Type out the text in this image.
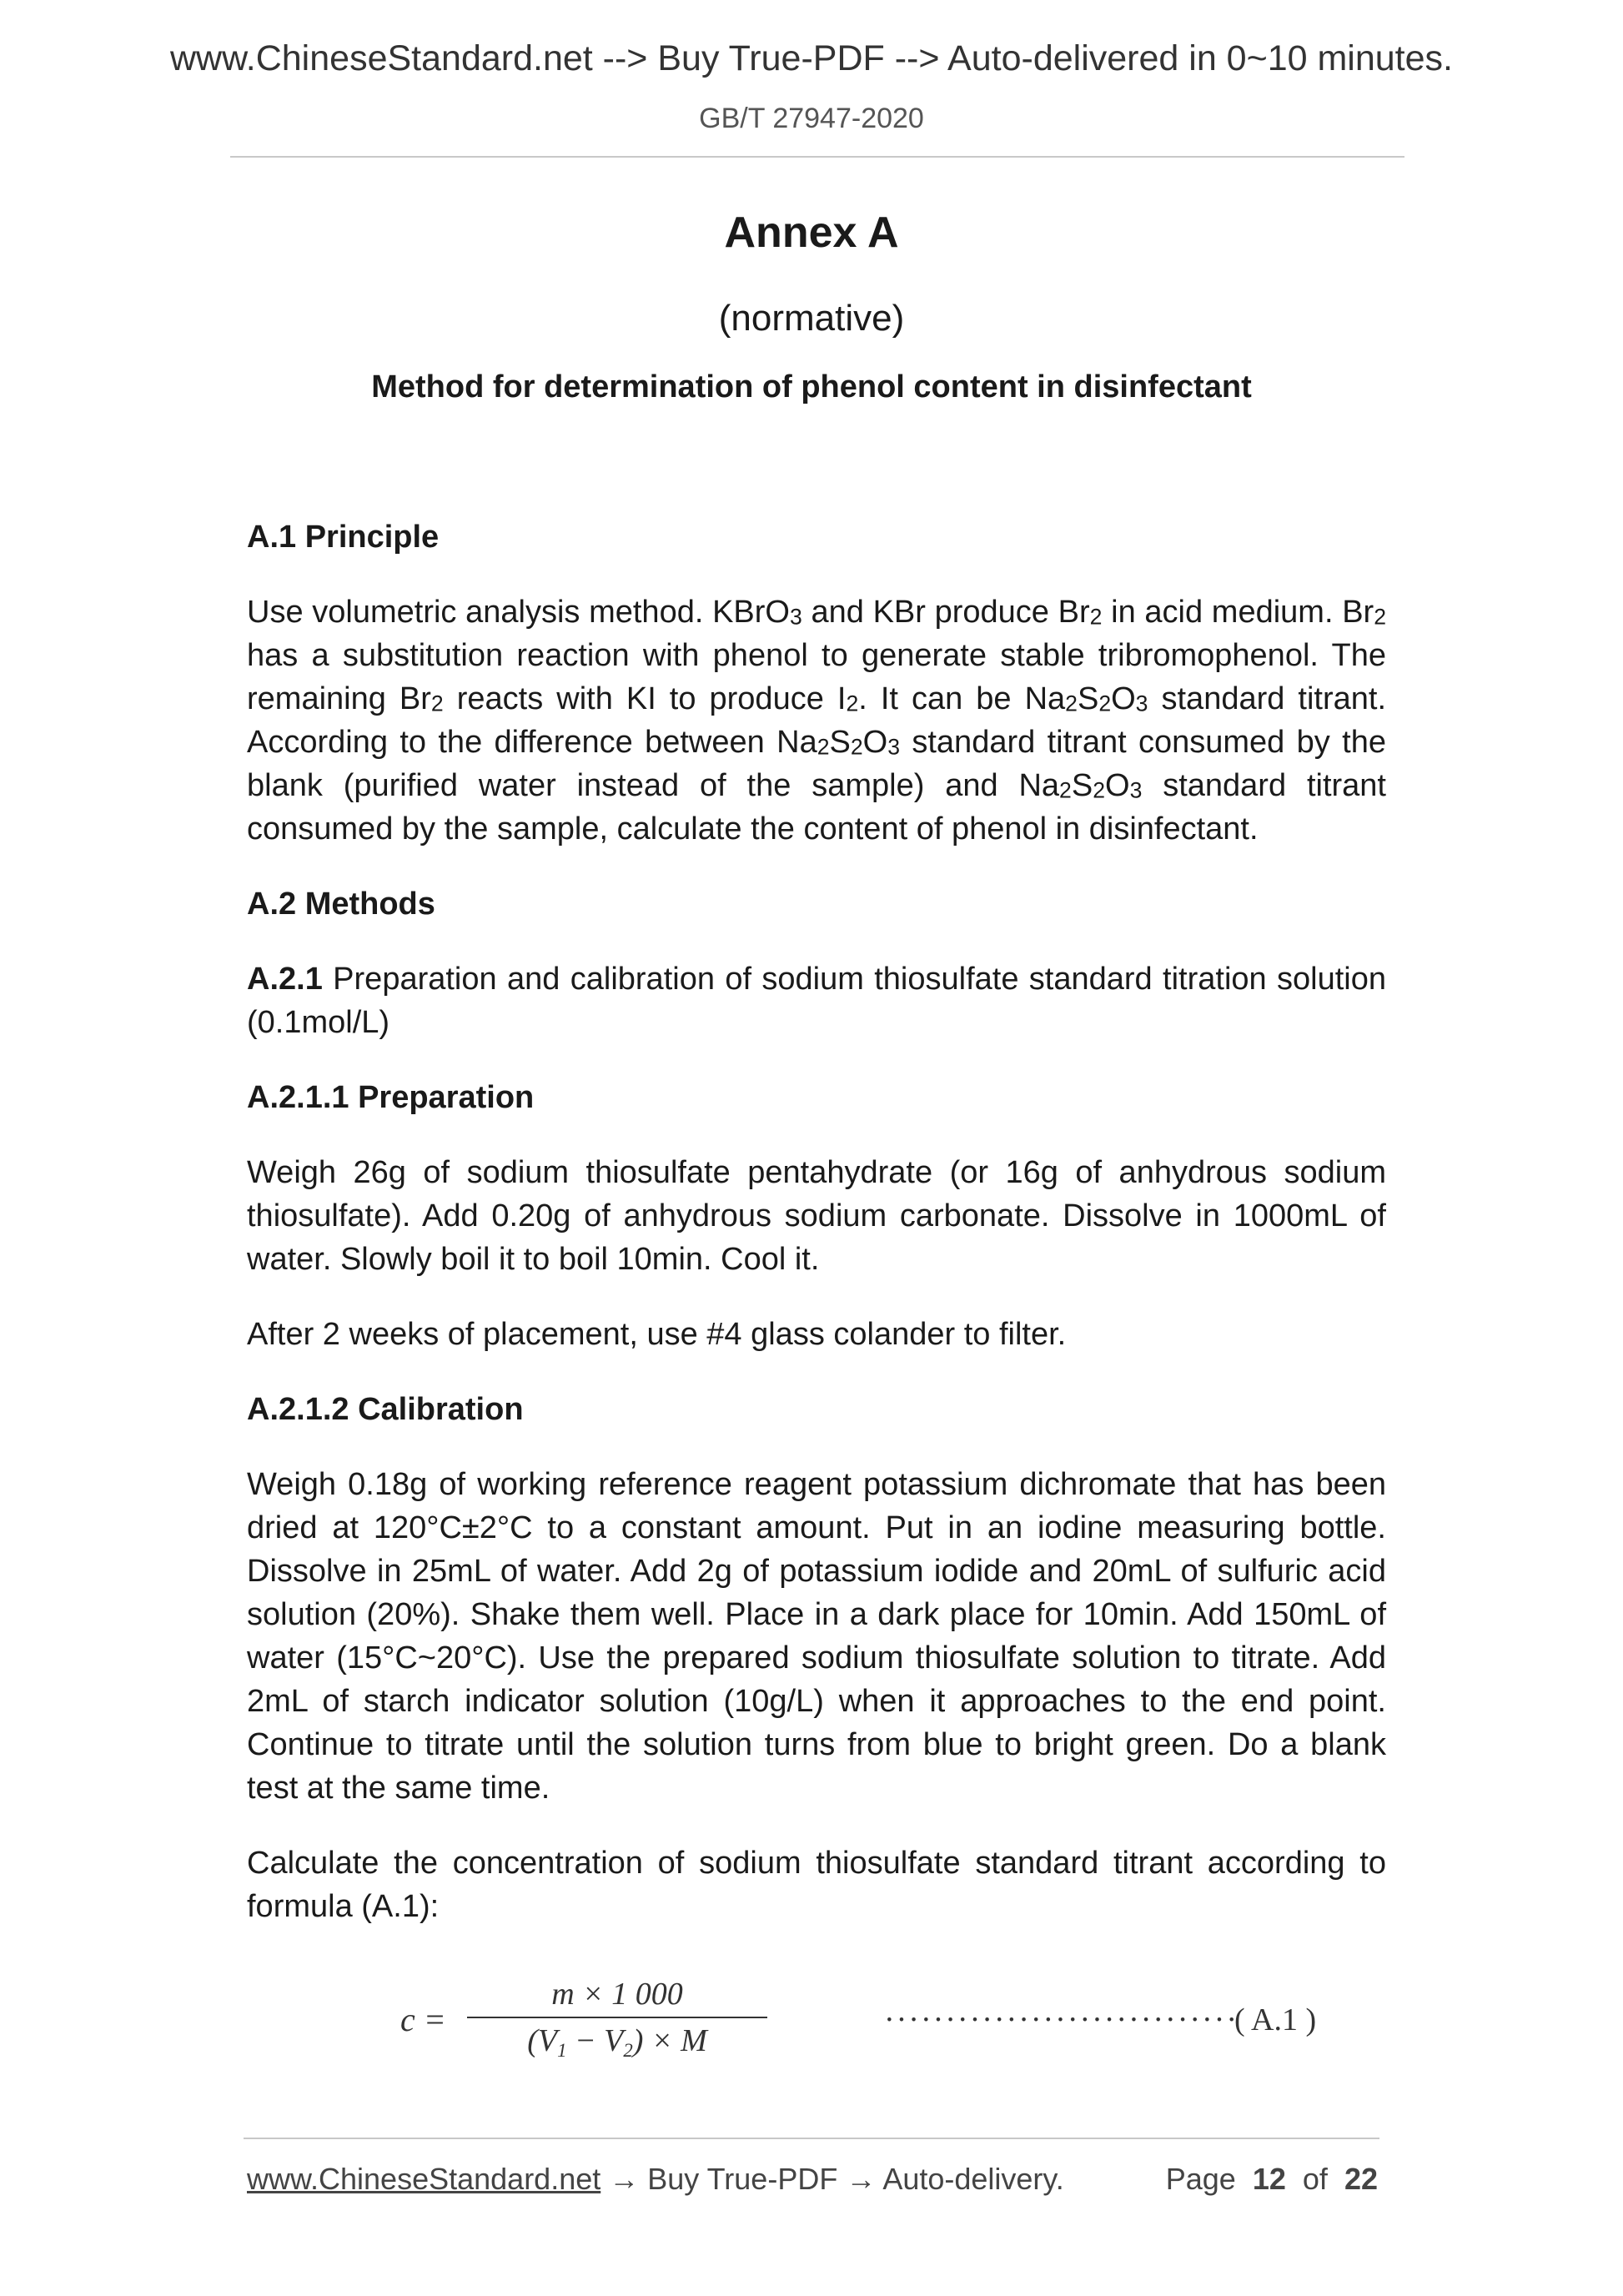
www.ChineseStandard.net --> Buy True-PDF --> Auto-delivered in 0~10 minutes.
GB/T 27947-2020
Annex A
(normative)
Method for determination of phenol content in disinfectant

A.1 Principle

Use volumetric analysis method. KBrO$_3$ and KBr produce $Br_2$ in acid medium. $Br_2$ has a substitution reaction with phenol to generate stable tribromophenol. The remaining $Br_2$ reacts with KI to produce $I_2$. It can be $Na_2S_2O_3$ standard titrant. According to the difference between $Na_2S_2O_3$ standard titrant consumed by the blank (purified water instead of the sample) and $Na_2S_2O_3$ standard titrant consumed by the sample, calculate the content of phenol in disinfectant.

A.2 Methods

A.2.1 Preparation and calibration of sodium thiosulfate standard titration solution (0.1mol/L)

A.2.1.1 Preparation

Weigh 26g of sodium thiosulfate pentahydrate (or 16g of anhydrous sodium thiosulfate). Add 0.20g of anhydrous sodium carbonate. Dissolve in 1000mL of water. Slowly boil it to boil 10min. Cool it.

After 2 weeks of placement, use #4 glass colander to filter.

A.2.1.2 Calibration

Weigh 0.18g of working reference reagent potassium dichromate that has been dried at 120°C±2°C to a constant amount. Put in an iodine measuring bottle. Dissolve in 25mL of water. Add 2g of potassium iodide and 20mL of sulfuric acid solution (20%). Shake them well. Place in a dark place for 10min. Add 150mL of water (15°C~20°C). Use the prepared sodium thiosulfate solution to titrate. Add 2mL of starch indicator solution (10g/L) when it approaches to the end point. Continue to titrate until the solution turns from blue to bright green. Do a blank test at the same time.

Calculate the concentration of sodium thiosulfate standard titrant according to formula (A.1):

c =
m × 1 000
$(V_1 - V_2) \times M$
·····························
( A.1 )
www.ChineseStandard.net → Buy True-PDF → Auto-delivery.	Page 12 of 22
